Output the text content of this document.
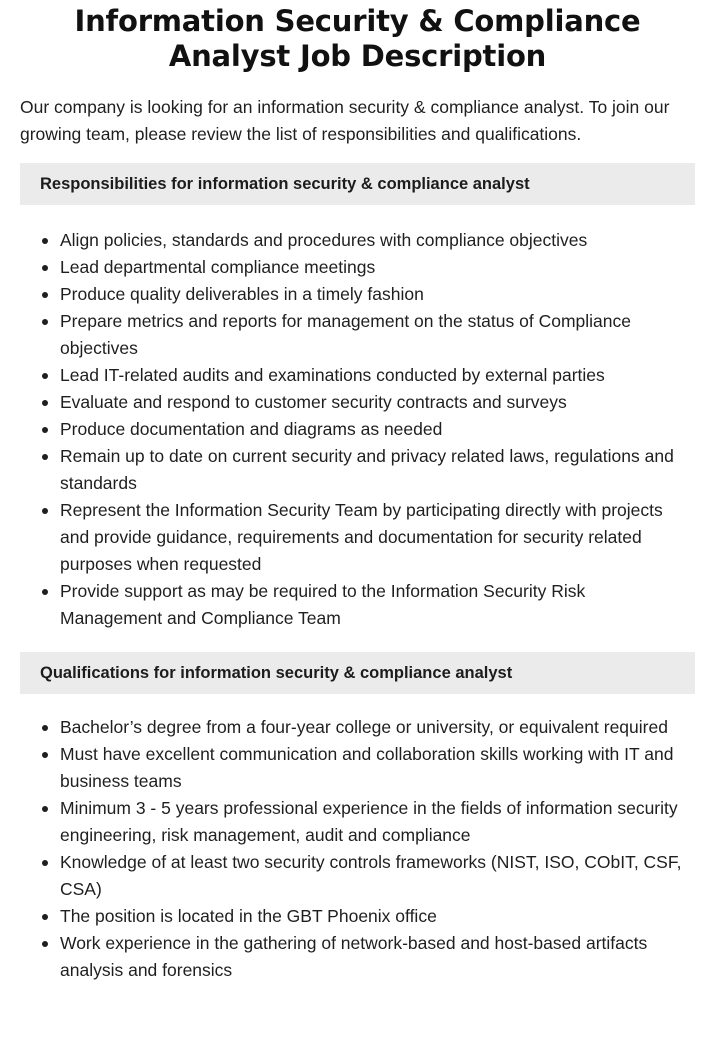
Information Security & Compliance Analyst Job Description

Our company is looking for an information security & compliance analyst. To join our growing team, please review the list of responsibilities and qualifications.

Responsibilities for information security & compliance analyst
Align policies, standards and procedures with compliance objectives
Lead departmental compliance meetings
Produce quality deliverables in a timely fashion
Prepare metrics and reports for management on the status of Compliance objectives
Lead IT-related audits and examinations conducted by external parties
Evaluate and respond to customer security contracts and surveys
Produce documentation and diagrams as needed
Remain up to date on current security and privacy related laws, regulations and standards
Represent the Information Security Team by participating directly with projects and provide guidance, requirements and documentation for security related purposes when requested
Provide support as may be required to the Information Security Risk Management and Compliance Team
Qualifications for information security & compliance analyst
Bachelor’s degree from a four-year college or university, or equivalent required
Must have excellent communication and collaboration skills working with IT and business teams
Minimum 3 - 5 years professional experience in the fields of information security engineering, risk management, audit and compliance
Knowledge of at least two security controls frameworks (NIST, ISO, CObIT, CSF, CSA)
The position is located in the GBT Phoenix office
Work experience in the gathering of network-based and host-based artifacts analysis and forensics
